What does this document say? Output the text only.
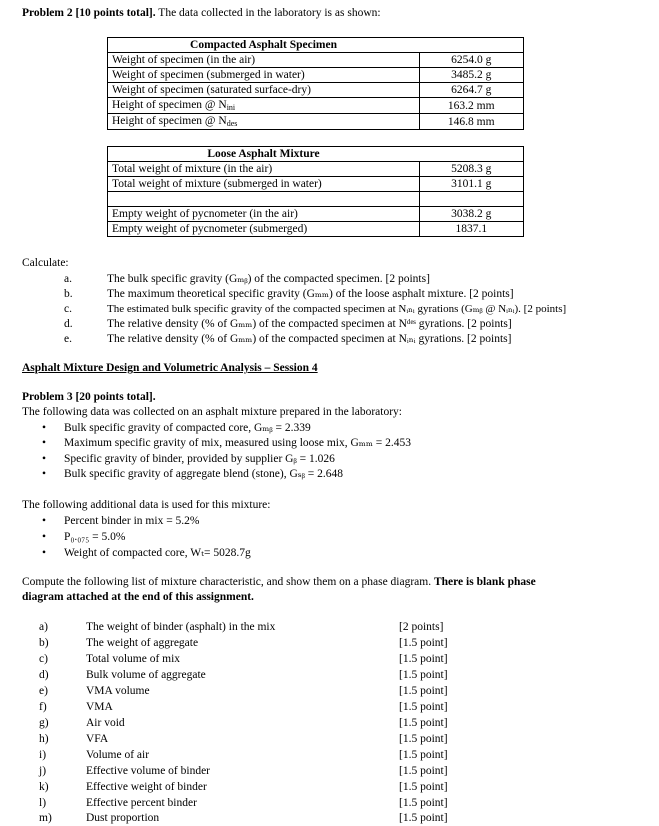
Problem 2 [10 points total]. The data collected in the laboratory is as shown:
Compacted Asphalt Specimen	
Weight of specimen (in the air)	6254.0 g
Weight of specimen (submerged in water)	3485.2 g
Weight of specimen (saturated surface-dry)	6264.7 g
Height of specimen @ Nini	163.2 mm
Height of specimen @ Ndes	146.8 mm
Loose Asphalt Mixture	
Total weight of mixture (in the air)	5208.3 g
Total weight of mixture (submerged in water)	3101.1 g

Empty weight of pycnometer (in the air)	3038.2 g
Empty weight of pycnometer (submerged)	1837.1
Calculate:
a.	The bulk specific gravity (Gₘᵦ) of the compacted specimen. [2 points]
b.	The maximum theoretical specific gravity (Gₘₘ) of the loose asphalt mixture. [2 points]
c.	The estimated bulk specific gravity of the compacted specimen at Nᵢₙᵢ gyrations (Gₘᵦ @ Nᵢₙᵢ). [2 points]
d.	The relative density (% of Gₘₘ) of the compacted specimen at Nᵈᵉˢ gyrations. [2 points]
e.	The relative density (% of Gₘₘ) of the compacted specimen at Nᵢₙᵢ gyrations. [2 points]
Asphalt Mixture Design and Volumetric Analysis – Session 4
Problem 3 [20 points total].
The following data was collected on an asphalt mixture prepared in the laboratory:
• Bulk specific gravity of compacted core, Gₘᵦ = 2.339
• Maximum specific gravity of mix, measured using loose mix, Gₘₘ = 2.453
• Specific gravity of binder, provided by supplier Gᵦ = 1.026
• Bulk specific gravity of aggregate blend (stone), Gₛᵦ = 2.648
The following additional data is used for this mixture:
• Percent binder in mix = 5.2%
• P₀.₀₇₅ = 5.0%
• Weight of compacted core, Wₜ= 5028.7g
Compute the following list of mixture characteristic, and show them on a phase diagram. There is blank phase
diagram attached at the end of this assignment.
a)	The weight of binder (asphalt) in the mix	[2 points]
b)	The weight of aggregate	[1.5 point]
c)	Total volume of mix	[1.5 point]
d)	Bulk volume of aggregate	[1.5 point]
e)	VMA volume	[1.5 point]
f)	VMA	[1.5 point]
g)	Air void	[1.5 point]
h)	VFA	[1.5 point]
i)	Volume of air	[1.5 point]
j)	Effective volume of binder	[1.5 point]
k)	Effective weight of binder	[1.5 point]
l)	Effective percent binder	[1.5 point]
m)	Dust proportion	[1.5 point]
